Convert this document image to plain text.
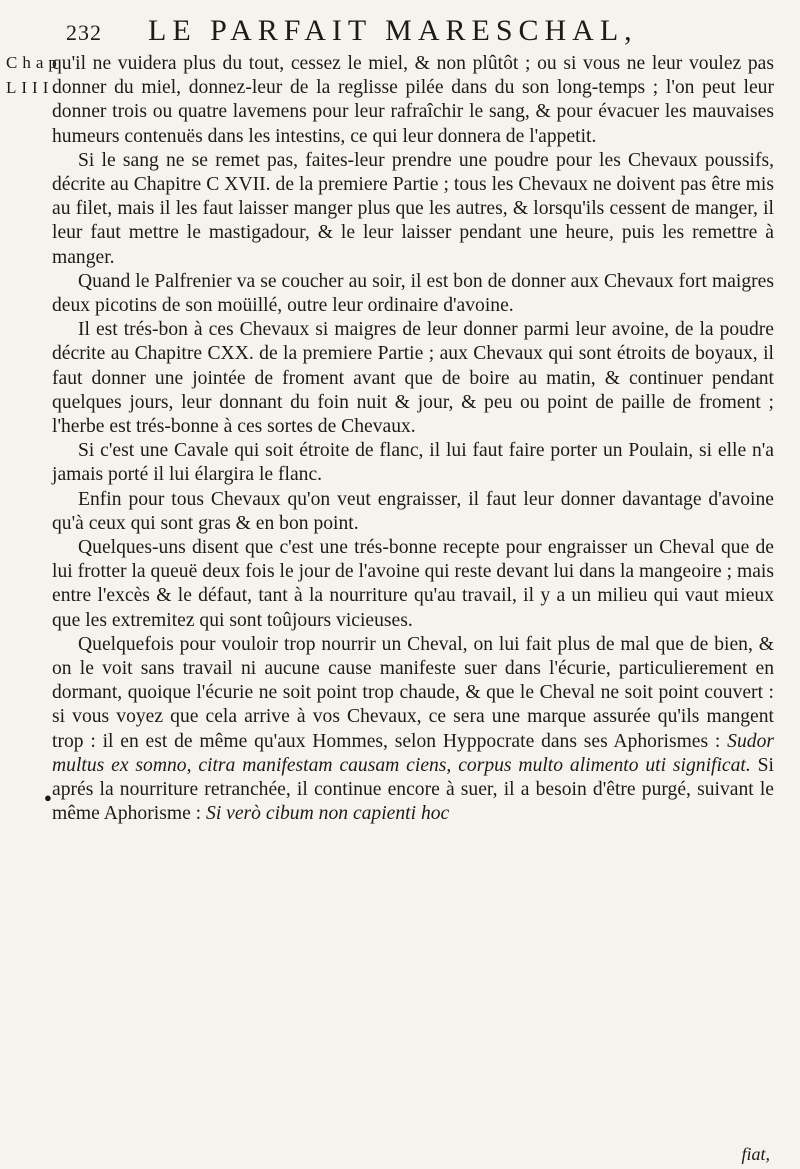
232 LE PARFAIT MARESCHAL,
Chap.
LIII.
●

qu'il ne vuidera plus du tout, cessez le miel, & non plûtôt ; ou si vous ne leur voulez pas donner du miel, donnez-leur de la reglisse pilée dans du son long-temps ; l'on peut leur donner trois ou quatre lavemens pour leur rafraîchir le sang, & pour évacuer les mauvaises humeurs contenuës dans les intestins, ce qui leur donnera de l'appetit.

Si le sang ne se remet pas, faites-leur prendre une poudre pour les Chevaux poussifs, décrite au Chapitre C XVII. de la premiere Partie ; tous les Chevaux ne doivent pas être mis au filet, mais il les faut laisser manger plus que les autres, & lorsqu'ils cessent de manger, il leur faut mettre le mastigadour, & le leur laisser pendant une heure, puis les remettre à manger.

Quand le Palfrenier va se coucher au soir, il est bon de donner aux Chevaux fort maigres deux picotins de son moüillé, outre leur ordinaire d'avoine.

Il est trés-bon à ces Chevaux si maigres de leur donner parmi leur avoine, de la poudre décrite au Chapitre CXX. de la premiere Partie ; aux Chevaux qui sont étroits de boyaux, il faut donner une jointée de froment avant que de boire au matin, & continuer pendant quelques jours, leur donnant du foin nuit & jour, & peu ou point de paille de froment ; l'herbe est trés-bonne à ces sortes de Chevaux.

Si c'est une Cavale qui soit étroite de flanc, il lui faut faire porter un Poulain, si elle n'a jamais porté il lui élargira le flanc.

Enfin pour tous Chevaux qu'on veut engraisser, il faut leur donner davantage d'avoine qu'à ceux qui sont gras & en bon point.

Quelques-uns disent que c'est une trés-bonne recepte pour engraisser un Cheval que de lui frotter la queuë deux fois le jour de l'avoine qui reste devant lui dans la mangeoire ; mais entre l'excès & le défaut, tant à la nourriture qu'au travail, il y a un milieu qui vaut mieux que les extremitez qui sont toûjours vicieuses.

Quelquefois pour vouloir trop nourrir un Cheval, on lui fait plus de mal que de bien, & on le voit sans travail ni aucune cause manifeste suer dans l'écurie, particulierement en dormant, quoique l'écurie ne soit point trop chaude, & que le Cheval ne soit point couvert : si vous voyez que cela arrive à vos Chevaux, ce sera une marque assurée qu'ils mangent trop : il en est de même qu'aux Hommes, selon Hyppocrate dans ses Aphorismes : Sudor multus ex somno, citra manifestam causam ciens, corpus multo alimento uti significat. Si aprés la nourriture retranchée, il continue encore à suer, il a besoin d'être purgé, suivant le même Aphorisme : Si verò cibum non capienti hoc

fiat,
